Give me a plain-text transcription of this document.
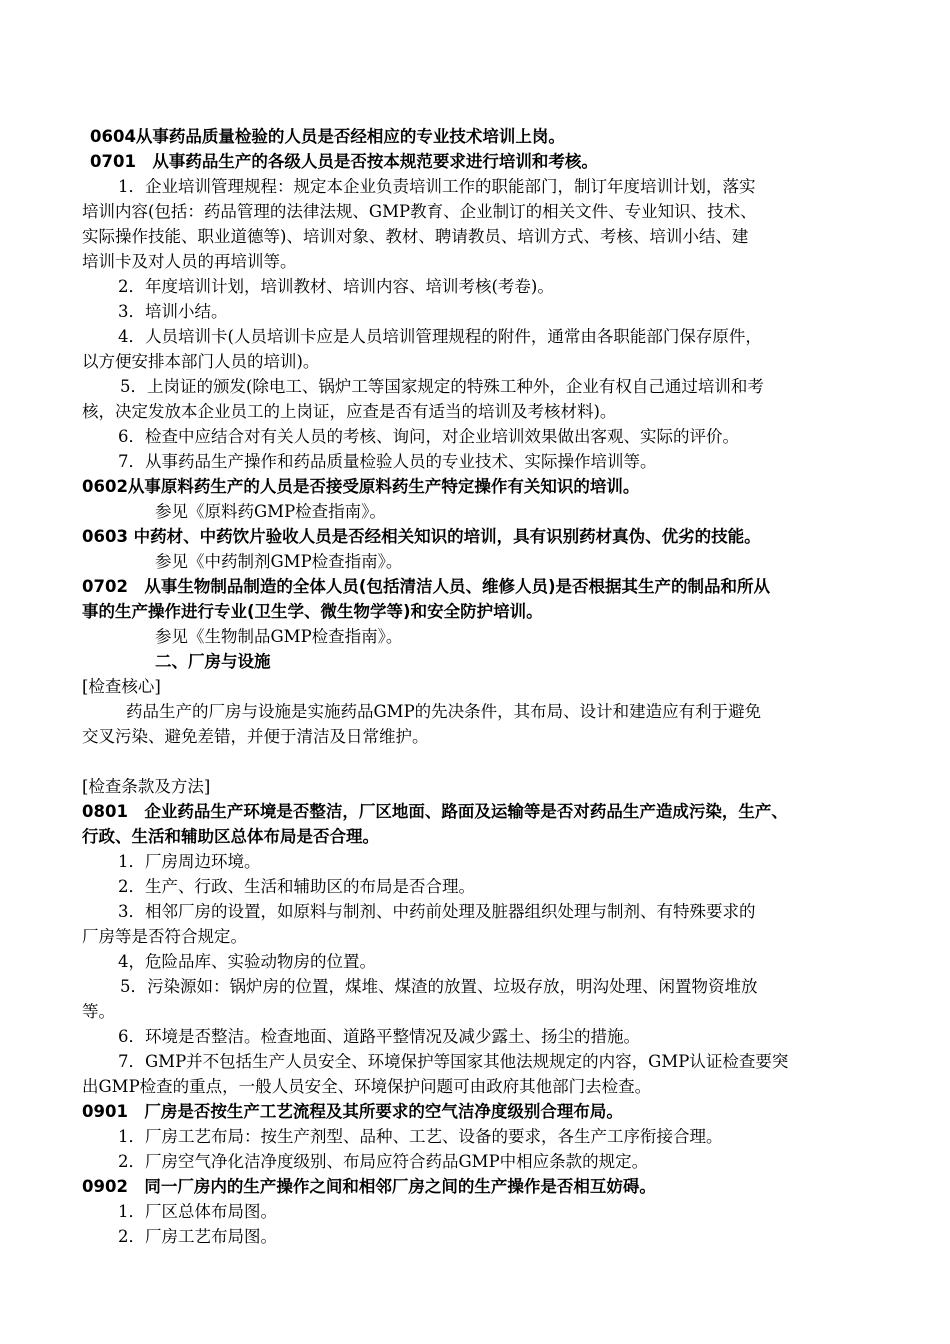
0604从事药品质量检验的人员是否经相应的专业技术培训上岗。
0701　从事药品生产的各级人员是否按本规范要求进行培训和考核。
1．企业培训管理规程：规定本企业负责培训工作的职能部门，制订年度培训计划，落实
培训内容(包括：药品管理的法律法规、GMP教育、企业制订的相关文件、专业知识、技术、
实际操作技能、职业道德等)、培训对象、教材、聘请教员、培训方式、考核、培训小结、建
培训卡及对人员的再培训等。
2．年度培训计划，培训教材、培训内容、培训考核(考卷)。
3．培训小结。
4．人员培训卡(人员培训卡应是人员培训管理规程的附件，通常由各职能部门保存原件，
以方便安排本部门人员的培训)。
5．上岗证的颁发(除电工、锅炉工等国家规定的特殊工种外，企业有权自己通过培训和考
核，决定发放本企业员工的上岗证，应查是否有适当的培训及考核材料)。
6．检查中应结合对有关人员的考核、询问，对企业培训效果做出客观、实际的评价。
7．从事药品生产操作和药品质量检验人员的专业技术、实际操作培训等。
0602从事原料药生产的人员是否接受原料药生产特定操作有关知识的培训。
参见《原料药GMP检查指南》。
0603 中药材、中药饮片验收人员是否经相关知识的培训，具有识别药材真伪、优劣的技能。
参见《中药制剂GMP检查指南》。
0702　从事生物制品制造的全体人员(包括清洁人员、维修人员)是否根据其生产的制品和所从
事的生产操作进行专业(卫生学、微生物学等)和安全防护培训。
参见《生物制品GMP检查指南》。
二、厂房与设施
[检查核心]
药品生产的厂房与设施是实施药品GMP的先决条件，其布局、设计和建造应有利于避免
交叉污染、避免差错，并便于清洁及日常维护。
[检查条款及方法]
0801　企业药品生产环境是否整洁，厂区地面、路面及运输等是否对药品生产造成污染，生产、
行政、生活和辅助区总体布局是否合理。
1．厂房周边环境。
2．生产、行政、生活和辅助区的布局是否合理。
3．相邻厂房的设置，如原料与制剂、中药前处理及脏器组织处理与制剂、有特殊要求的
厂房等是否符合规定。
4，危险品库、实验动物房的位置。
5．污染源如：锅炉房的位置，煤堆、煤渣的放置、垃圾存放，明沟处理、闲置物资堆放
等。
6．环境是否整洁。检查地面、道路平整情况及减少露土、扬尘的措施。
7．GMP并不包括生产人员安全、环境保护等国家其他法规规定的内容，GMP认证检查要突
出GMP检查的重点，一般人员安全、环境保护问题可由政府其他部门去检查。
0901　厂房是否按生产工艺流程及其所要求的空气洁净度级别合理布局。
1．厂房工艺布局：按生产剂型、品种、工艺、设备的要求，各生产工序衔接合理。
2．厂房空气净化洁净度级别、布局应符合药品GMP中相应条款的规定。
0902　同一厂房内的生产操作之间和相邻厂房之间的生产操作是否相互妨碍。
1．厂区总体布局图。
2．厂房工艺布局图。
